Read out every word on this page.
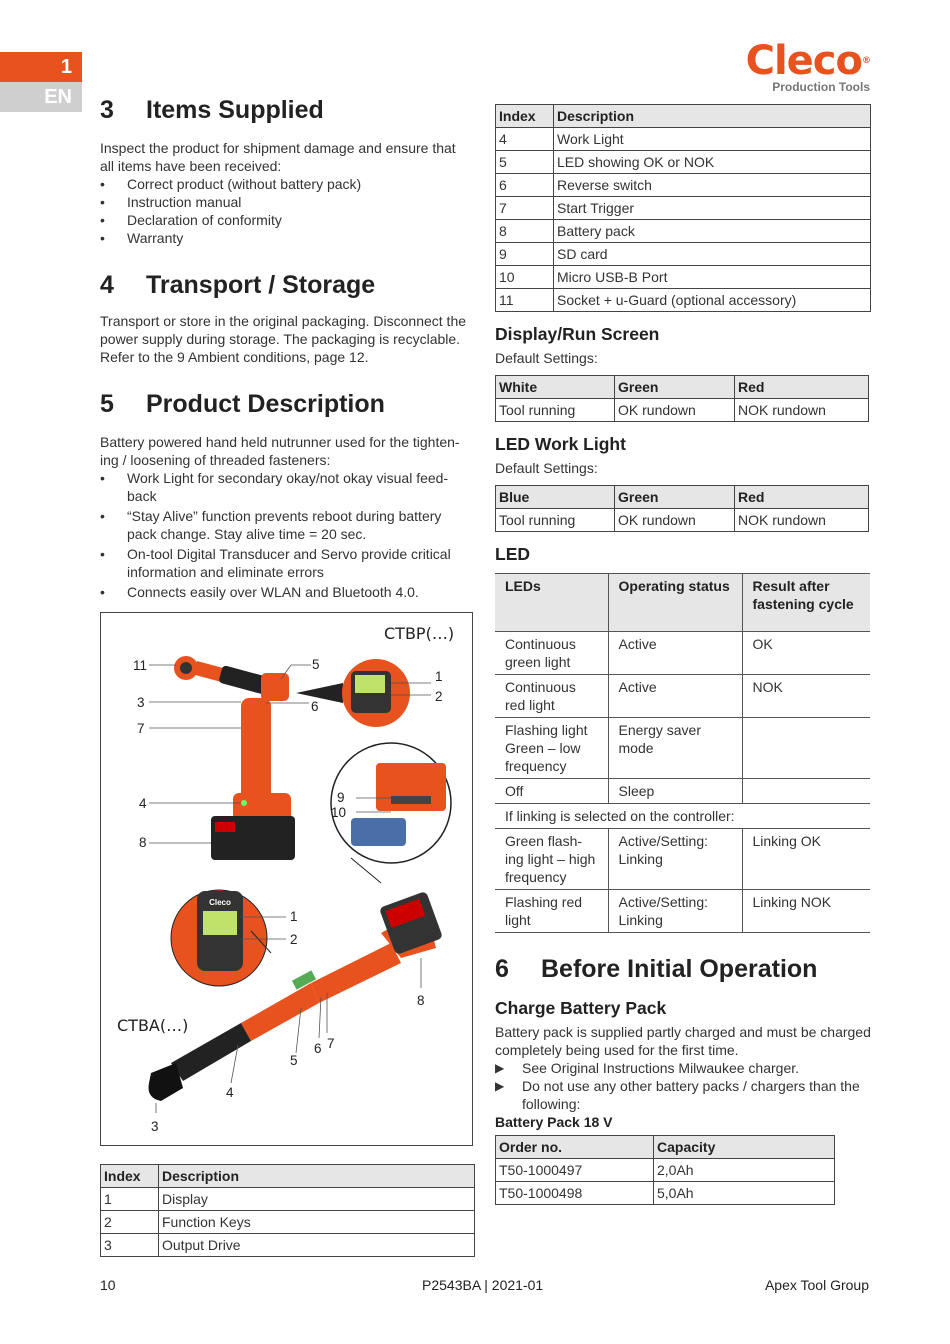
1
EN
Cleco®
Production Tools
3	Items Supplied

Inspect the product for shipment damage and ensure that all items have been received:

• Correct product (without battery pack)
• Instruction manual
• Declaration of conformity
• Warranty
4	Transport / Storage

Transport or store in the original packaging. Disconnect the power supply during storage. The packaging is recyclable. Refer to the 9 Ambient conditions, page 12.

5	Product Description

Battery powered hand held nutrunner used for the tighten-ing / loosening of threaded fasteners:

• Work Light for secondary okay/not okay visual feed-back
• “Stay Alive” function prevents reboot during battery pack change. Stay alive time = 20 sec.
• On-tool Digital Transducer and Servo provide critical information and eliminate errors
• Connects easily over WLAN and Bluetooth 4.0.
Cleco
CTBP(…)
CTBA(…)
11	5
1
2
3	6
7
4	9
10
8
1
2
8
7
6
5
4
3
Index	Description
1	Display
2	Function Keys
3	Output Drive
Index	Description
4	Work Light
5	LED showing OK or NOK
6	Reverse switch
7	Start Trigger
8	Battery pack
9	SD card
10	Micro USB-B Port
11	Socket + u-Guard (optional accessory)
Display/Run Screen

Default Settings:

White	Green	Red
Tool running	OK rundown	NOK rundown
LED Work Light

Default Settings:

Blue	Green	Red
Tool running	OK rundown	NOK rundown
LED
LEDs	Operating status	Result after fastening cycle
Continuous green light	Active	OK
Continuous red light	Active	NOK
Flashing light Green – low frequency	Energy saver mode	
Off	Sleep	
If linking is selected on the controller:		
Green flash-ing light – high frequency	Active/Setting: Linking	Linking OK
Flashing red light	Active/Setting: Linking	Linking NOK
6	Before Initial Operation
Charge Battery Pack

Battery pack is supplied partly charged and must be charged completely being used for the first time.

▶ See Original Instructions Milwaukee charger.
▶ Do not use any other battery packs / chargers than the following:

Battery Pack 18 V

Order no.	Capacity
T50-1000497	2,0Ah
T50-1000498	5,0Ah
10	P2543BA | 2021-01	Apex Tool Group
